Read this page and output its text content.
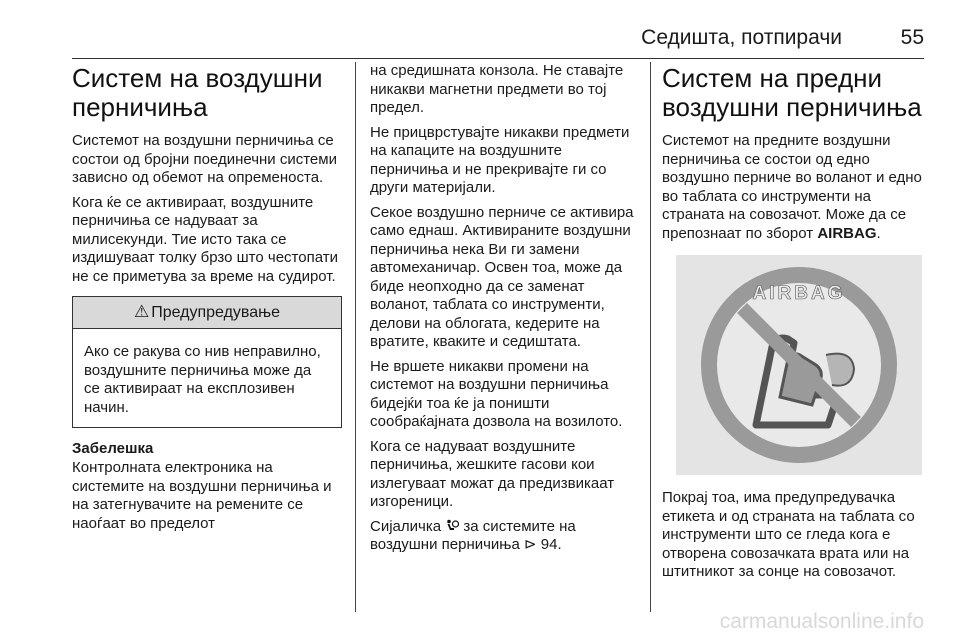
Седишта, потпирачи	55
Систем на воздушни перничиња

Системот на воздушни перничиња се состои од бројни поединечни системи зависно од обемот на опременоста.

Кога ќе се активираат, воздушните перничиња се надуваат за милисекунди. Тие исто така се издишуваат толку брзо што честопати не се приметува за време на судирот.

⚠ Предупредување

Ако се ракува со нив неправилно, воздушните перничиња може да се активираат на експлозивен начин.

Забелешка

Контролната електроника на системите на воздушни перничиња и на затегнувачите на ремените се наоѓаат во пределот

на средишната конзола. Не ставајте никакви магнетни предмети во тој предел.

Не прицврстувајте никакви предмети на капаците на воздушните перничиња и не прекривајте ги со други материјали.

Секое воздушно перниче се активира само еднаш. Активираните воздушни перничиња нека Ви ги замени автомеханичар. Освен тоа, може да биде неопходно да се заменат воланот, таблата со инструменти, делови на облогата, кедерите на вратите, кваките и седиштата.

Не вршете никакви промени на системот на воздушни перничиња бидејќи тоа ќе ја поништи сообраќајната дозвола на возилото.

Кога се надуваат воздушните перничиња, жешките гасови кои излегуваат можат да предизвикаат изгореници.

Сијаличка за системите на воздушни перничиња ⊳ 94.

Систем на предни воздушни перничиња

Системот на предните воздушни перничиња се состои од едно воздушно перниче во воланот и едно во таблата со инструменти на страната на совозачот. Може да се препознаат по зборот AIRBAG.

AIRBAG

Покрај тоа, има предупредувачка етикета и од страната на таблата со инструменти што се гледа кога е отворена совозачката врата или на штитникот за сонце на совозачот.

carmanualsonline.info
